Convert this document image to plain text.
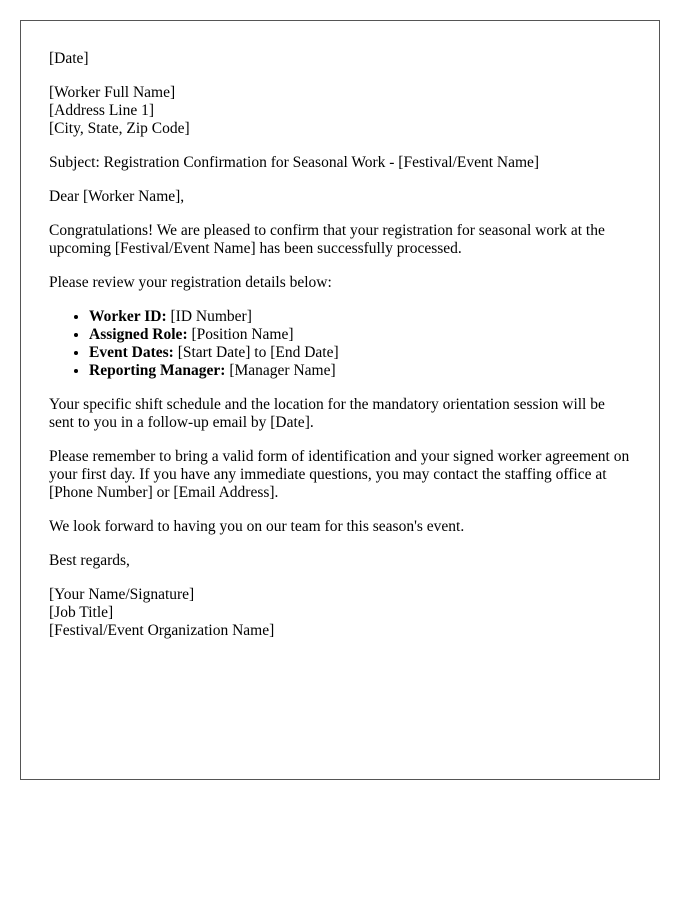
[Date]

[Worker Full Name]
[Address Line 1]
[City, State, Zip Code]

Subject: Registration Confirmation for Seasonal Work - [Festival/Event Name]

Dear [Worker Name],

Congratulations! We are pleased to confirm that your registration for seasonal work at the upcoming [Festival/Event Name] has been successfully processed.

Please review your registration details below:

• Worker ID: [ID Number]
• Assigned Role: [Position Name]
• Event Dates: [Start Date] to [End Date]
• Reporting Manager: [Manager Name]

Your specific shift schedule and the location for the mandatory orientation session will be sent to you in a follow-up email by [Date].

Please remember to bring a valid form of identification and your signed worker agreement on your first day. If you have any immediate questions, you may contact the staffing office at [Phone Number] or [Email Address].

We look forward to having you on our team for this season's event.

Best regards,

[Your Name/Signature]
[Job Title]
[Festival/Event Organization Name]
